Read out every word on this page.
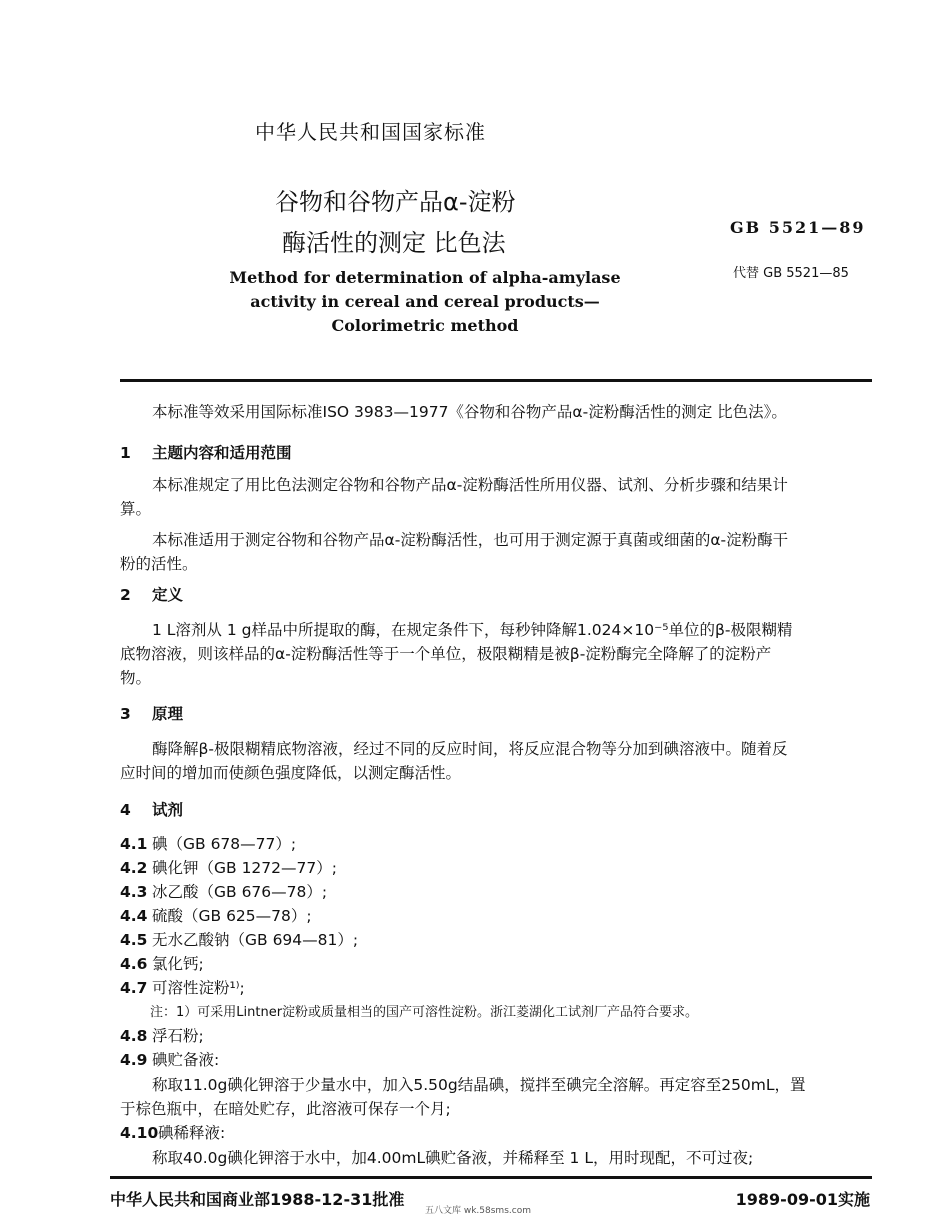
中华人民共和国国家标准
谷物和谷物产品α-淀粉
酶活性的测定 比色法
GB 5521—89
代替 GB 5521—85
Method for determination of alpha-amylase
activity in cereal and cereal products—
Colorimetric method
本标准等效采用国际标准ISO 3983—1977《谷物和谷物产品α-淀粉酶活性的测定 比色法》。
1 主题内容和适用范围
本标准规定了用比色法测定谷物和谷物产品α-淀粉酶活性所用仪器、试剂、分析步骤和结果计
算。
本标准适用于测定谷物和谷物产品α-淀粉酶活性，也可用于测定源于真菌或细菌的α-淀粉酶干
粉的活性。
2 定义
1 L溶剂从 1 g样品中所提取的酶，在规定条件下，每秒钟降解1.024×10⁻⁵单位的β-极限糊精
底物溶液，则该样品的α-淀粉酶活性等于一个单位，极限糊精是被β-淀粉酶完全降解了的淀粉产
物。
3 原理
酶降解β-极限糊精底物溶液，经过不同的反应时间，将反应混合物等分加到碘溶液中。随着反
应时间的增加而使颜色强度降低，以测定酶活性。
4 试剂
4.1 碘（GB 678—77）;
4.2 碘化钾（GB 1272—77）;
4.3 冰乙酸（GB 676—78）;
4.4 硫酸（GB 625—78）;
4.5 无水乙酸钠（GB 694—81）;
4.6 氯化钙;
4.7 可溶性淀粉¹⁾;
注：1）可采用Lintner淀粉或质量相当的国产可溶性淀粉。浙江菱湖化工试剂厂产品符合要求。
4.8 浮石粉;
4.9 碘贮备液:
称取11.0g碘化钾溶于少量水中，加入5.50g结晶碘，搅拌至碘完全溶解。再定容至250mL，置
于棕色瓶中，在暗处贮存，此溶液可保存一个月;
4.10碘稀释液:
称取40.0g碘化钾溶于水中，加4.00mL碘贮备液，并稀释至 1 L，用时现配，不可过夜;
中华人民共和国商业部1988-12-31批准	1989-09-01实施
五八文库 wk.58sms.com
